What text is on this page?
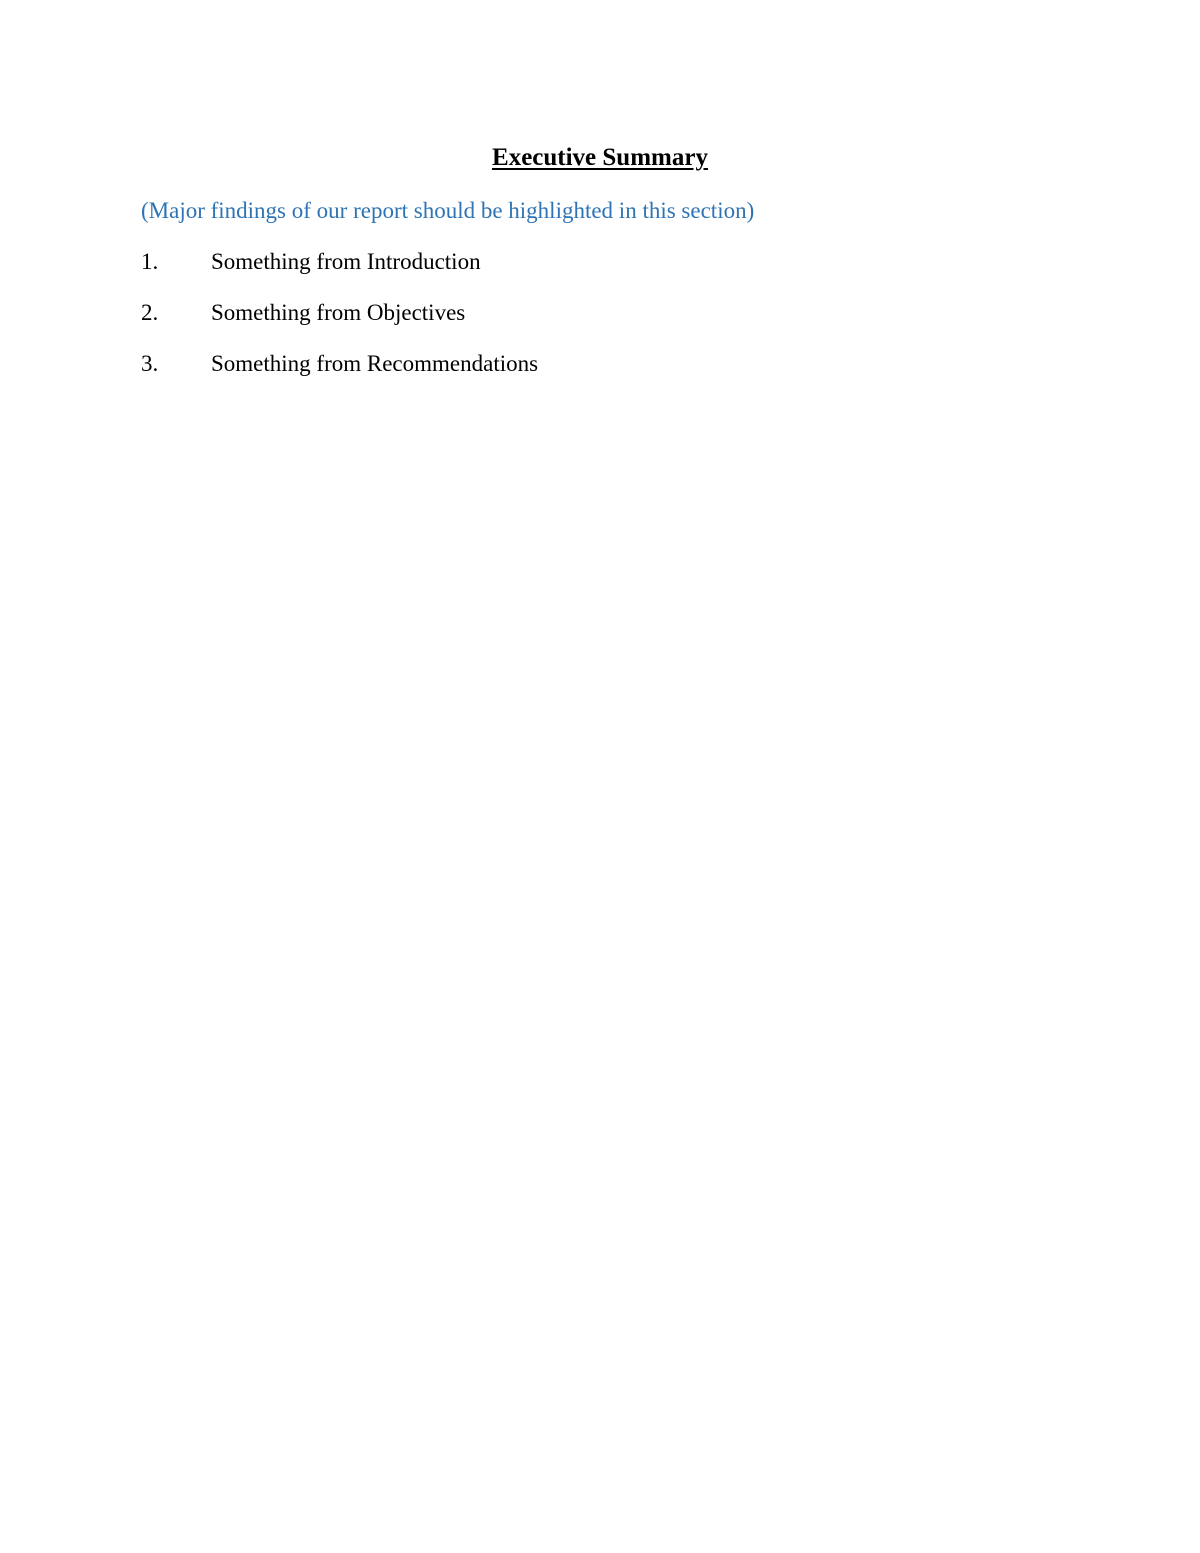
Executive Summary

(Major findings of our report should be highlighted in this section)

1.	Something from Introduction
2.	Something from Objectives
3.	Something from Recommendations
